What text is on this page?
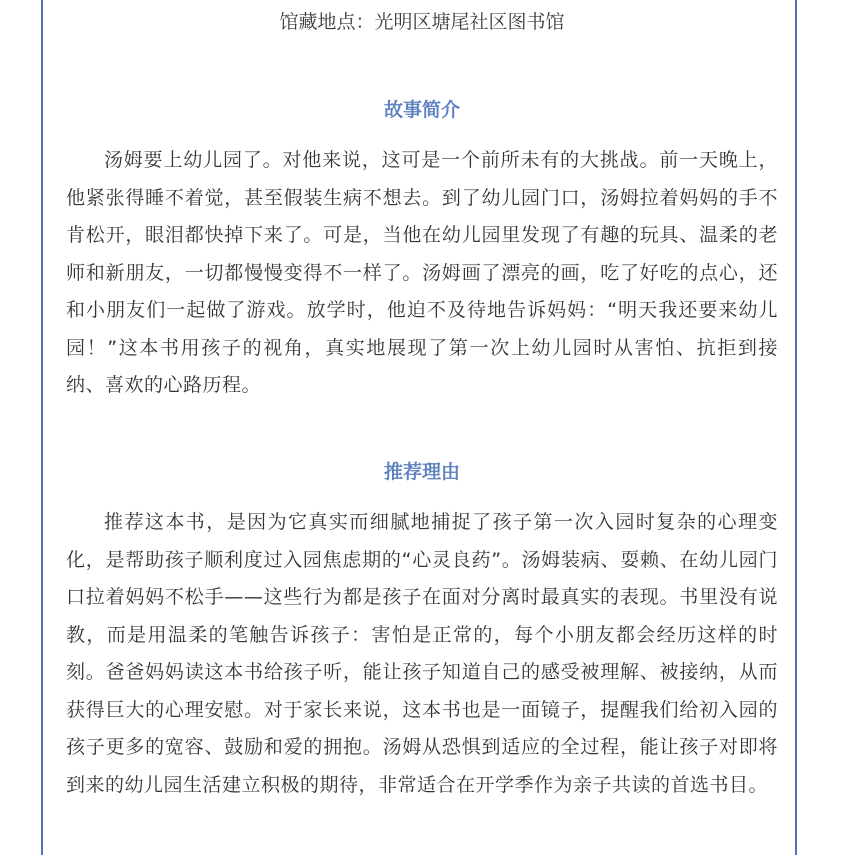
馆藏地点：光明区塘尾社区图书馆
故事简介

汤姆要上幼儿园了。对他来说，这可是一个前所未有的大挑战。前一天晚上，他紧张得睡不着觉，甚至假装生病不想去。到了幼儿园门口，汤姆拉着妈妈的手不肯松开，眼泪都快掉下来了。可是，当他在幼儿园里发现了有趣的玩具、温柔的老师和新朋友，一切都慢慢变得不一样了。汤姆画了漂亮的画，吃了好吃的点心，还和小朋友们一起做了游戏。放学时，他迫不及待地告诉妈妈：“明天我还要来幼儿园！”这本书用孩子的视角，真实地展现了第一次上幼儿园时从害怕、抗拒到接纳、喜欢的心路历程。

推荐理由

推荐这本书，是因为它真实而细腻地捕捉了孩子第一次入园时复杂的心理变化，是帮助孩子顺利度过入园焦虑期的“心灵良药”。汤姆装病、耍赖、在幼儿园门口拉着妈妈不松手——这些行为都是孩子在面对分离时最真实的表现。书里没有说教，而是用温柔的笔触告诉孩子：害怕是正常的，每个小朋友都会经历这样的时刻。爸爸妈妈读这本书给孩子听，能让孩子知道自己的感受被理解、被接纳，从而获得巨大的心理安慰。对于家长来说，这本书也是一面镜子，提醒我们给初入园的孩子更多的宽容、鼓励和爱的拥抱。汤姆从恐惧到适应的全过程，能让孩子对即将到来的幼儿园生活建立积极的期待，非常适合在开学季作为亲子共读的首选书目。
